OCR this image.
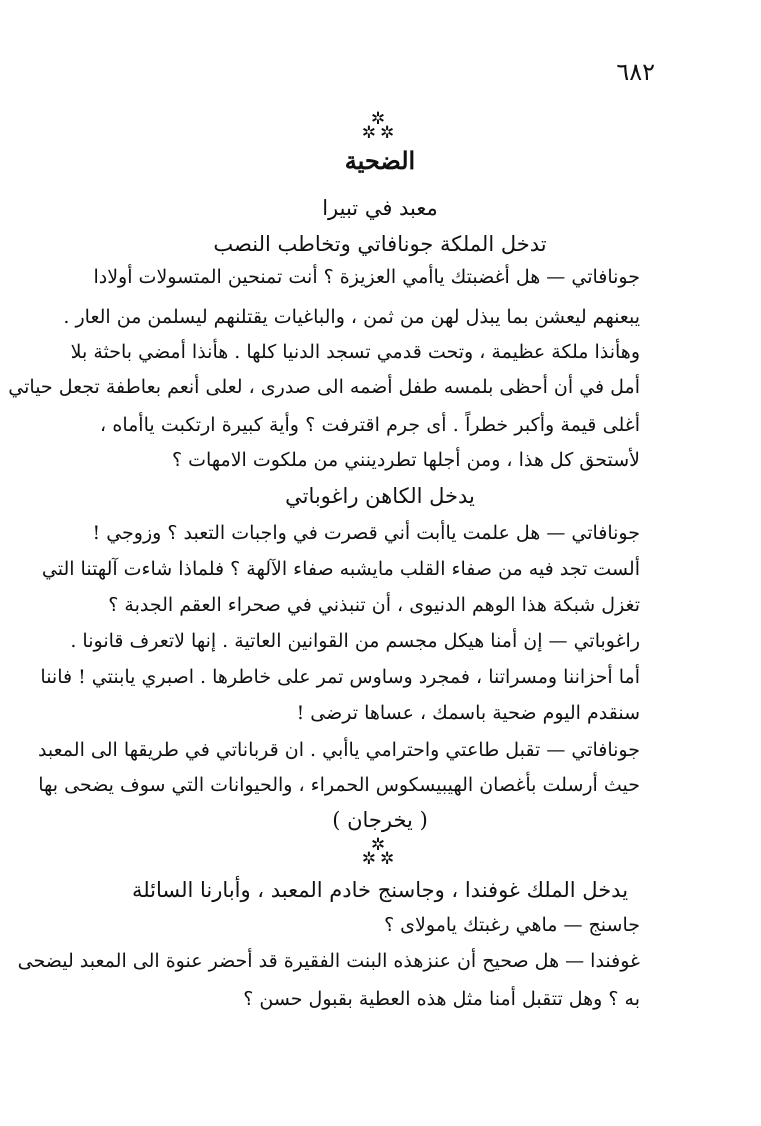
٦٨٢
✲
✲✲
الضحية
معبد في تبيرا
تدخل الملكة جونافاتي وتخاطب النصب
جونافاتي — هل أغضبتك ياأمي العزيزة ؟ أنت تمنحين المتسولات أولادا
يبعنهم ليعشن بما يبذل لهن من ثمن ، والباغيات يقتلنهم ليسلمن من العار .
وهأنذا ملكة عظيمة ، وتحت قدمي تسجد الدنيا كلها . هأنذا أمضي باحثة بلا
أمل في أن أحظى بلمسه طفل أضمه الى صدرى ، لعلى أنعم بعاطفة تجعل حياتي
أغلى قيمة وأكبر خطراً . أى جرم اقترفت ؟ وأية كبيرة ارتكبت ياأماه ،
لأستحق كل هذا ، ومن أجلها تطردينني من ملكوت الامهات ؟
يدخل الكاهن راغوباتي
جونافاتي — هل علمت ياأبت أني قصرت في واجبات التعبد ؟ وزوجي !
ألست تجد فيه من صفاء القلب مايشبه صفاء الآلهة ؟ فلماذا شاءت آلهتنا التي
تغزل شبكة هذا الوهم الدنيوى ، أن تنبذني في صحراء العقم الجدبة ؟
راغوباتي — إن أمنا هيكل مجسم من القوانين العاتية . إنها لاتعرف قانونا .
أما أحزاننا ومسراتنا ، فمجرد وساوس تمر على خاطرها . اصبري يابنتي ! فاننا
سنقدم اليوم ضحية باسمك ، عساها ترضى !
جونافاتي — تقبل طاعتي واحترامي ياأبي . ان قرباناتي في طريقها الى المعبد
حيث أرسلت بأغصان الهيبيسكوس الحمراء ، والحيوانات التي سوف يضحى بها
( يخرجان )
✲
✲✲
يدخل الملك غوفندا ، وجاسنج خادم المعبد ، وأبارنا السائلة
جاسنج — ماهي رغبتك يامولاى ؟
غوفندا — هل صحيح أن عنزهذه البنت الفقيرة قد أحضر عنوة الى المعبد ليضحى
به ؟ وهل تتقبل أمنا مثل هذه العطية بقبول حسن ؟
